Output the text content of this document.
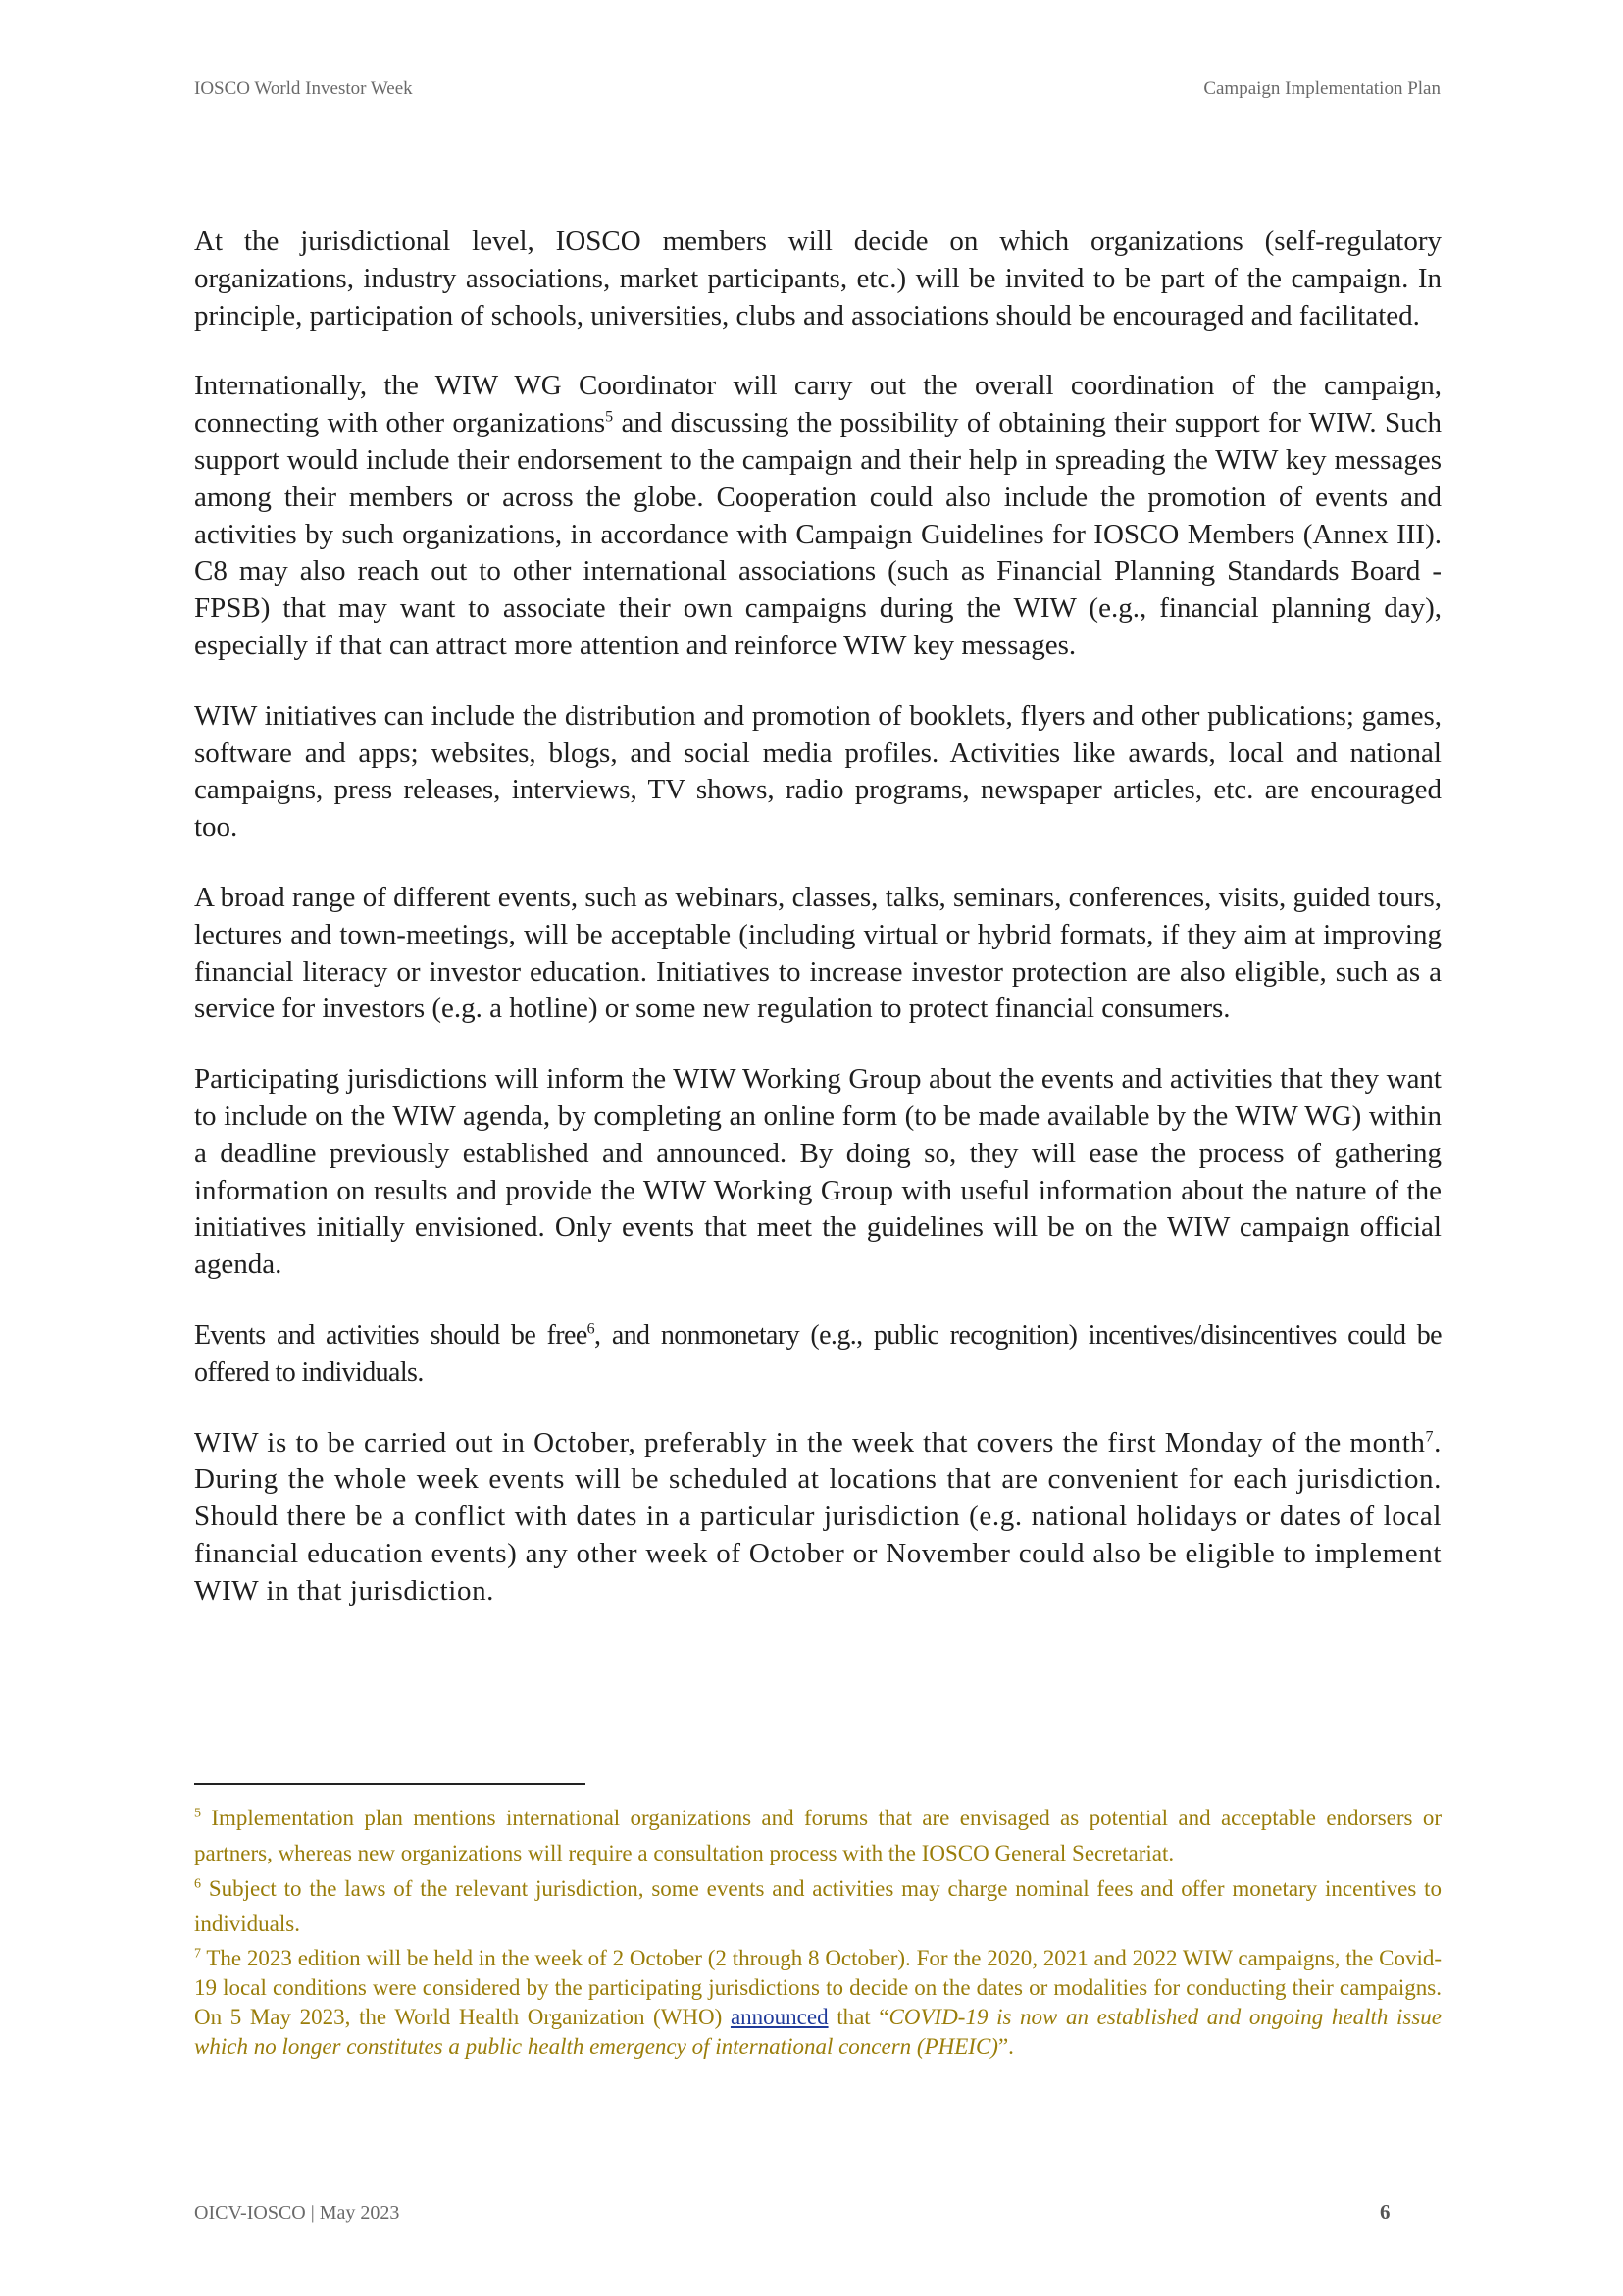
IOSCO World Investor Week	Campaign Implementation Plan

At the jurisdictional level, IOSCO members will decide on which organizations (self-regulatory organizations, industry associations, market participants, etc.) will be invited to be part of the campaign. In principle, participation of schools, universities, clubs and associations should be encouraged and facilitated.

Internationally, the WIW WG Coordinator will carry out the overall coordination of the campaign, connecting with other organizations$^5$ and discussing the possibility of obtaining their support for WIW. Such support would include their endorsement to the campaign and their help in spreading the WIW key messages among their members or across the globe. Cooperation could also include the promotion of events and activities by such organizations, in accordance with Campaign Guidelines for IOSCO Members (Annex III). C8 may also reach out to other international associations (such as Financial Planning Standards Board - FPSB) that may want to associate their own campaigns during the WIW (e.g., financial planning day), especially if that can attract more attention and reinforce WIW key messages.

WIW initiatives can include the distribution and promotion of booklets, flyers and other publications; games, software and apps; websites, blogs, and social media profiles. Activities like awards, local and national campaigns, press releases, interviews, TV shows, radio programs, newspaper articles, etc. are encouraged too.

A broad range of different events, such as webinars, classes, talks, seminars, conferences, visits, guided tours, lectures and town-meetings, will be acceptable (including virtual or hybrid formats, if they aim at improving financial literacy or investor education. Initiatives to increase investor protection are also eligible, such as a service for investors (e.g. a hotline) or some new regulation to protect financial consumers.

Participating jurisdictions will inform the WIW Working Group about the events and activities that they want to include on the WIW agenda, by completing an online form (to be made available by the WIW WG) within a deadline previously established and announced. By doing so, they will ease the process of gathering information on results and provide the WIW Working Group with useful information about the nature of the initiatives initially envisioned. Only events that meet the guidelines will be on the WIW campaign official agenda.

Events and activities should be free$^6$, and nonmonetary (e.g., public recognition) incentives/disincentives could be offered to individuals.

WIW is to be carried out in October, preferably in the week that covers the first Monday of the month$^7$. During the whole week events will be scheduled at locations that are convenient for each jurisdiction. Should there be a conflict with dates in a particular jurisdiction (e.g. national holidays or dates of local financial education events) any other week of October or November could also be eligible to implement WIW in that jurisdiction.

$^5$ Implementation plan mentions international organizations and forums that are envisaged as potential and acceptable endorsers or partners, whereas new organizations will require a consultation process with the IOSCO General Secretariat.

$^6$ Subject to the laws of the relevant jurisdiction, some events and activities may charge nominal fees and offer monetary incentives to individuals.

$^7$ The 2023 edition will be held in the week of 2 October (2 through 8 October). For the 2020, 2021 and 2022 WIW campaigns, the Covid-19 local conditions were considered by the participating jurisdictions to decide on the dates or modalities for conducting their campaigns. On 5 May 2023, the World Health Organization (WHO) announced that “COVID-19 is now an established and ongoing health issue which no longer constitutes a public health emergency of international concern (PHEIC)”.

OICV-IOSCO | May 2023	6
